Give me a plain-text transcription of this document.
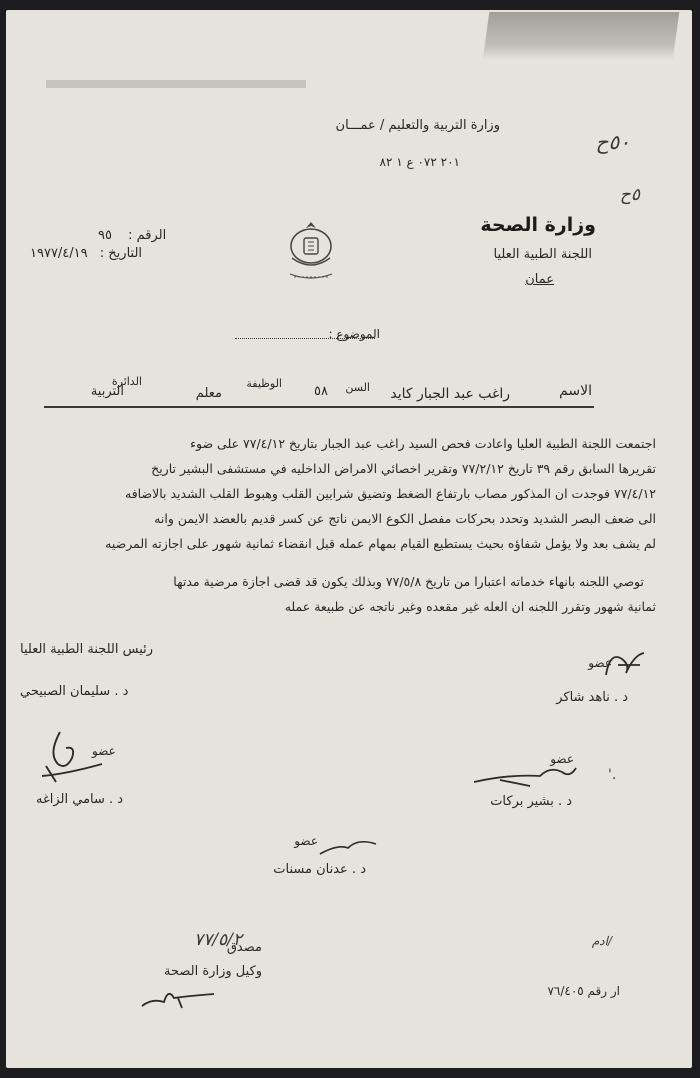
٥٠ح
٥ح
وزارة التربية والتعليم / عمـــان
٢٠١ ٠٧٢ ع ١ ٨٢
وزارة الصحة
اللجنة الطبية العليا
عمان
الرقم : ٩٥
التاريخ : ١٩٧٧/٤/١٩
الموضوع :
الاسم
راغب عبد الجبار كايد
السن
٥٨
الوظيفة
معلم
الدائرة
التربية
اجتمعت اللجنة الطبية العليا واعادت فحص السيد راغب عبد الجبار بتاريخ ٧٧/٤/١٢ على ضوء
تقريرها السابق رقم ٣٩ تاريخ ٧٧/٢/١٢ وتقرير اخصائي الامراض الداخليه في مستشفى البشير تاريخ
٧٧/٤/١٢ فوجدت ان المذكور مصاب بارتفاع الضغط وتضيق شرايين القلب وهبوط القلب الشديد بالاضافه
الى ضعف البصر الشديد وتحدد بحركات مفصل الكوع الايمن ناتج عن كسر قديم بالعضد الايمن وانه
لم يشف بعد ولا يؤمل شفاؤه بحيث يستطيع القيام بمهام عمله قبل انقضاء ثمانية شهور على اجازته المرضيه
توصي اللجنه بانهاء خدماته اعتبارا من تاريخ ٧٧/٥/٨ وبذلك يكون قد قضى اجازة مرضية مدتها
ثمانية شهور وتقرر اللجنه ان العله غير مقعده وغير ناتجه عن طبيعة عمله
رئيس اللجنة الطبية العليا
د . سليمان الصبيحي
عضو
د . ناهد شاكر
عضو
د . سامي الزاغه
عضو
.'
د . بشير بركات
عضو
د . عدنان مسنات
/ادم
مصدق
٧٧/٥/٢
وكيل وزارة الصحة
ار رقم ٧٦/٤٠٥
